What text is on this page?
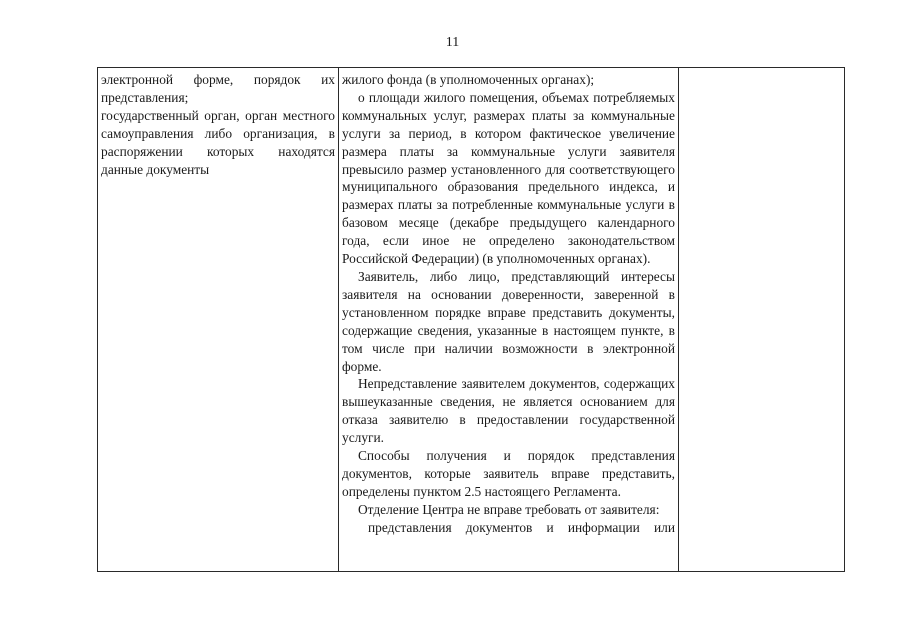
11

электронной форме, порядок их представления;

государственный орган, орган местного самоуправления либо организация, в распоряжении которых находятся данные документы

жилого фонда (в уполномоченных органах);

о площади жилого помещения, объемах потребляемых коммунальных услуг, размерах платы за коммунальные услуги за период, в котором фактическое увеличение размера платы за коммунальные услуги заявителя превысило размер установленного для соответствующего муниципального образования предельного индекса, и размерах платы за потребленные коммунальные услуги в базовом месяце (декабре предыдущего календарного года, если иное не определено законодательством Российской Федерации) (в уполномоченных органах).

Заявитель, либо лицо, представляющий интересы заявителя на основании доверенности, заверенной в установленном порядке вправе представить документы, содержащие сведения, указанные в настоящем пункте, в том числе при наличии возможности в электронной форме.

Непредставление заявителем документов, содержащих вышеуказанные сведения, не является основанием для отказа заявителю в предоставлении государственной услуги.

Способы получения и порядок представления документов, которые заявитель вправе представить, определены пунктом 2.5 настоящего Регламента.

Отделение Центра не вправе требовать от заявителя:

представления документов и информации или
